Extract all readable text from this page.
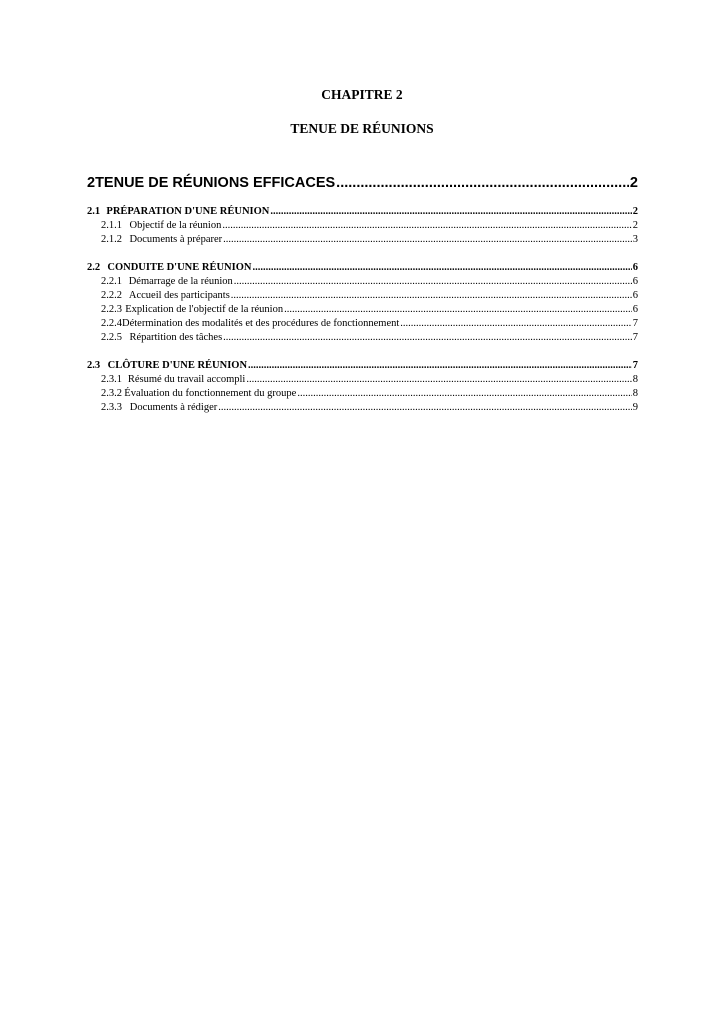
CHAPITRE 2
TENUE DE RÉUNIONS
2 TENUE DE RÉUNIONS EFFICACES .....	2
2.1 PRÉPARATION D'UNE RÉUNION .....	2
2.1.1 Objectif de la réunion .....	2
2.1.2 Documents à préparer .....	3
2.2 CONDUITE D'UNE RÉUNION .....	6
2.2.1 Démarrage de la réunion .....	6
2.2.2 Accueil des participants .....	6
2.2.3 Explication de l'objectif de la réunion .....	6
2.2.4 Détermination des modalités et des procédures de fonctionnement .....	7
2.2.5 Répartition des tâches .....	7
2.3 CLÔTURE D'UNE RÉUNION .....	7
2.3.1 Résumé du travail accompli .....	8
2.3.2 Évaluation du fonctionnement du groupe .....	8
2.3.3 Documents à rédiger .....	9
